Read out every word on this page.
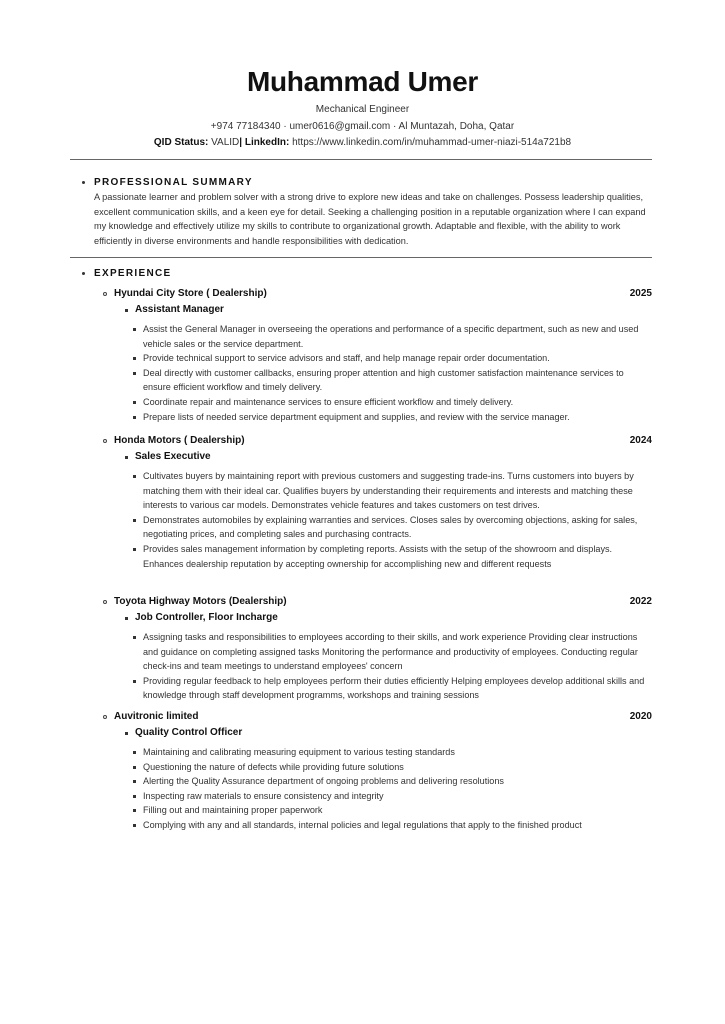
Muhammad Umer
Mechanical Engineer
+974 77184340 · umer0616@gmail.com · Al Muntazah, Doha, Qatar
QID Status: VALID| LinkedIn: https://www.linkedin.com/in/muhammad-umer-niazi-514a721b8
PROFESSIONAL SUMMARY
A passionate learner and problem solver with a strong drive to explore new ideas and take on challenges. Possess leadership qualities, excellent communication skills, and a keen eye for detail. Seeking a challenging position in a reputable organization where I can expand my knowledge and effectively utilize my skills to contribute to organizational growth. Adaptable and flexible, with the ability to work efficiently in diverse environments and handle responsibilities with dedication.
EXPERIENCE
Hyundai City Store ( Dealership)	2025
Assistant Manager
Assist the General Manager in overseeing the operations and performance of a specific department, such as new and used vehicle sales or the service department.
Provide technical support to service advisors and staff, and help manage repair order documentation.
Deal directly with customer callbacks, ensuring proper attention and high customer satisfaction maintenance services to ensure efficient workflow and timely delivery.
Coordinate repair and maintenance services to ensure efficient workflow and timely delivery.
Prepare lists of needed service department equipment and supplies, and review with the service manager.
Honda Motors ( Dealership)	2024
Sales Executive
Cultivates buyers by maintaining report with previous customers and suggesting trade-ins. Turns customers into buyers by matching them with their ideal car. Qualifies buyers by understanding their requirements and interests and matching these interests to various car models. Demonstrates vehicle features and takes customers on test drives.
Demonstrates automobiles by explaining warranties and services. Closes sales by overcoming objections, asking for sales, negotiating prices, and completing sales and purchasing contracts.
Provides sales management information by completing reports. Assists with the setup of the showroom and displays. Enhances dealership reputation by accepting ownership for accomplishing new and different requests
Toyota Highway Motors (Dealership)	2022
Job Controller, Floor Incharge
Assigning tasks and responsibilities to employees according to their skills, and work experience Providing clear instructions and guidance on completing assigned tasks Monitoring the performance and productivity of employees. Conducting regular check-ins and team meetings to understand employees' concern
Providing regular feedback to help employees perform their duties efficiently Helping employees develop additional skills and knowledge through staff development programms, workshops and training sessions
Auvitronic limited	2020
Quality Control Officer
Maintaining and calibrating measuring equipment to various testing standards
Questioning the nature of defects while providing future solutions
Alerting the Quality Assurance department of ongoing problems and delivering resolutions
Inspecting raw materials to ensure consistency and integrity
Filling out and maintaining proper paperwork
Complying with any and all standards, internal policies and legal regulations that apply to the finished product
